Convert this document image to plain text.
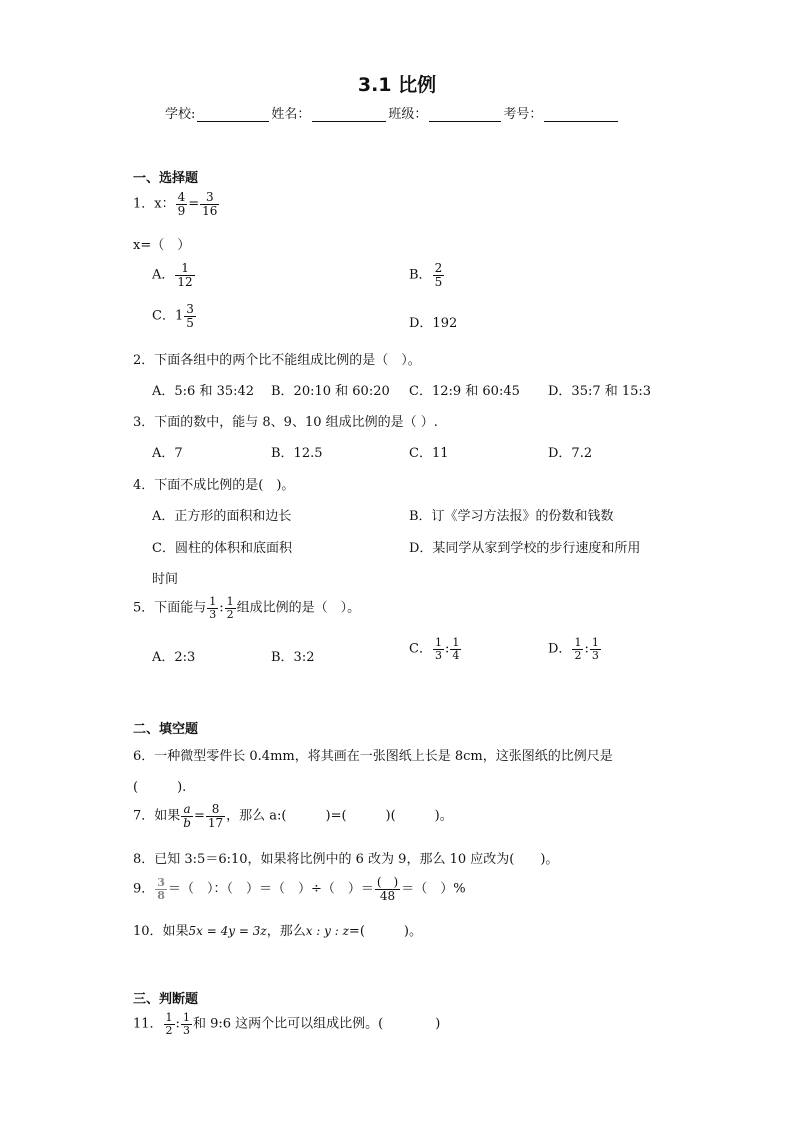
3.1 比例
学校:	姓名：	班级：	考号：
一、选择题
1．x： $\frac{4}{9} = \frac{3}{16}$
x=（　）
A． $\frac{1}{12}$	B． $\frac{2}{5}$
C．$1 \frac{3}{5}$	D．192
2．下面各组中的两个比不能组成比例的是（　）。
A．5:6 和 35:42 B．20:10 和 60:20 C．12:9 和 60:45 D．35:7 和 15:3
3．下面的数中，能与 8、9、10 组成比例的是（ ）.
A．7	B．12.5	C．11	D．7.2
4．下面不成比例的是(　)。
A．正方形的面积和边长	B．订《学习方法报》的份数和钱数
C．圆柱的体积和底面积	D．某同学从家到学校的步行速度和所用
时间
5．下面能与 $\frac{1}{3}$ : $\frac{1}{2}$ 组成比例的是（　）。
A．2:3	B．3:2
C． $\frac{1}{3}$ : $\frac{1}{4}$	D． $\frac{1}{2}$ : $\frac{1}{3}$
二、填空题
6．一种微型零件长 0.4mm，将其画在一张图纸上长是 8cm，这张图纸的比例尺是
(　　　).
7．如果 $\frac{a}{b} = \frac{8}{17}$ ，那么 a:(　　　)=(　　　)(　　　)。
8．已知 3:5＝6:10，如果将比例中的 6 改为 9，那么 10 应改为(　　)。
9． $\frac{3}{8}$ ＝（　）：（　）＝（　）÷（　）＝ $\frac{( )}{48}$ ＝（　）%
10．如果5x = 4y = 3z，那么x : y : z=(　　　)。
三、判断题
11． $\frac{1}{2}$ : $\frac{1}{3}$ 和 9:6 这两个比可以组成比例。(　　　　)
